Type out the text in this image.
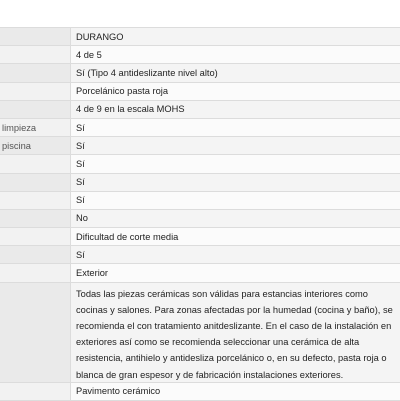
DURANGO
4 de 5
Sí (Tipo 4 antideslizante nivel alto)
Porcelánico pasta roja
4 de 9 en la escala MOHS
limpieza	Sí
piscina	Sí
Sí
Sí
Sí
No
Dificultad de corte media
Sí
Exterior
Todas las piezas cerámicas son válidas para estancias interiores como cocinas y salones. Para zonas afectadas por la humedad (cocina y baño), se recomienda el con tratamiento anitdeslizante. En el caso de la instalación en exteriores así como se recomienda seleccionar una cerámica de alta resistencia, antihielo y antidesliza porcelánico o, en su defecto, pasta roja o blanca de gran espesor y de fabricación instalaciones exteriores.
Pavimento cerámico
